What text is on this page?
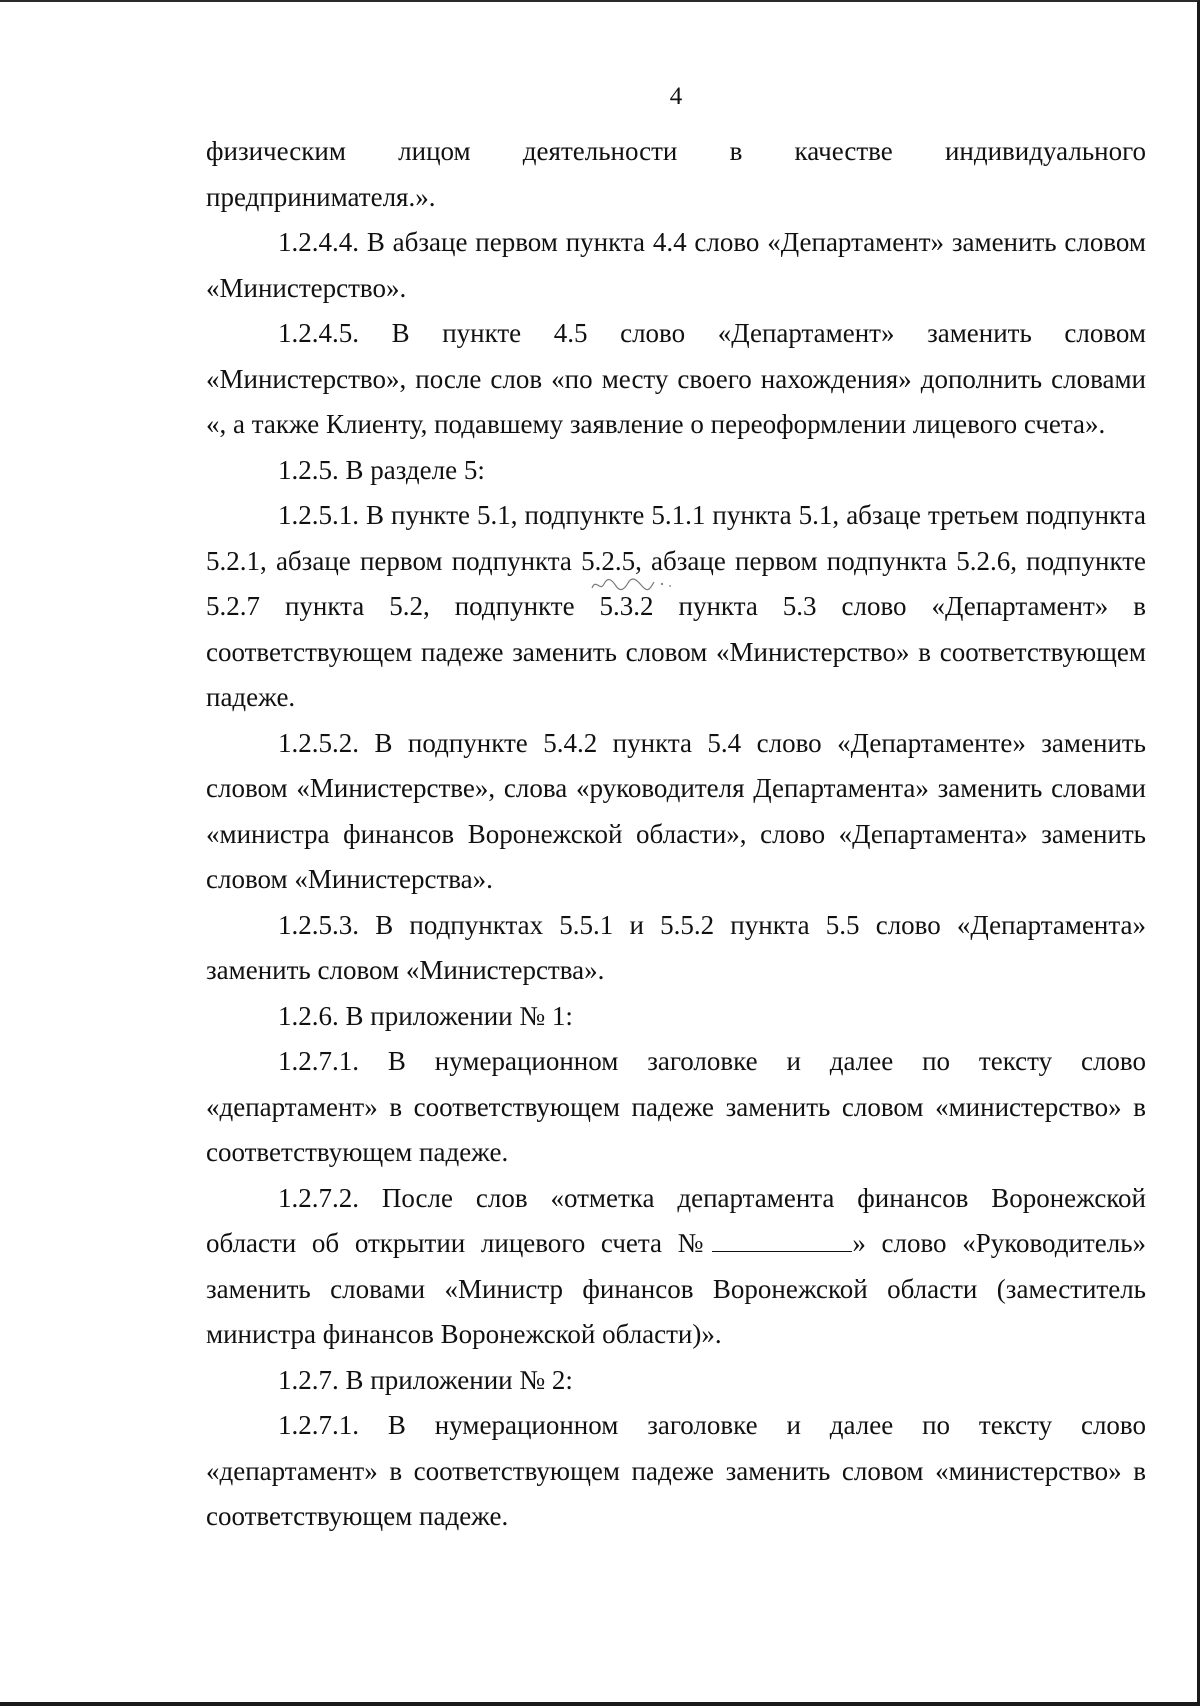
4

физическим лицом деятельности в качестве индивидуального предпринимателя.».

1.2.4.4. В абзаце первом пункта 4.4 слово «Департамент» заменить словом «Министерство».

1.2.4.5. В пункте 4.5 слово «Департамент» заменить словом «Министерство», после слов «по месту своего нахождения» дополнить словами «, а также Клиенту, подавшему заявление о переоформлении лицевого счета».

1.2.5. В разделе 5:

1.2.5.1. В пункте 5.1, подпункте 5.1.1 пункта 5.1, абзаце третьем подпункта 5.2.1, абзаце первом подпункта 5.2.5, абзаце первом подпункта 5.2.6, подпункте 5.2.7 пункта 5.2, подпункте 5.3.2 пункта 5.3 слово «Департамент» в соответствующем падеже заменить словом «Министерство» в соответствующем падеже.

1.2.5.2. В подпункте 5.4.2 пункта 5.4 слово «Департаменте» заменить словом «Министерстве», слова «руководителя Департамента» заменить словами «министра финансов Воронежской области», слово «Департамента» заменить словом «Министерства».

1.2.5.3. В подпунктах 5.5.1 и 5.5.2 пункта 5.5 слово «Департамента» заменить словом «Министерства».

1.2.6. В приложении № 1:

1.2.7.1. В нумерационном заголовке и далее по тексту слово «департамент» в соответствующем падеже заменить словом «министерство» в соответствующем падеже.

1.2.7.2. После слов «отметка департамента финансов Воронежской области об открытии лицевого счета №	» слово «Руководитель» заменить словами «Министр финансов Воронежской области (заместитель министра финансов Воронежской области)».

1.2.7. В приложении № 2:

1.2.7.1. В нумерационном заголовке и далее по тексту слово «департамент» в соответствующем падеже заменить словом «министерство» в соответствующем падеже.
